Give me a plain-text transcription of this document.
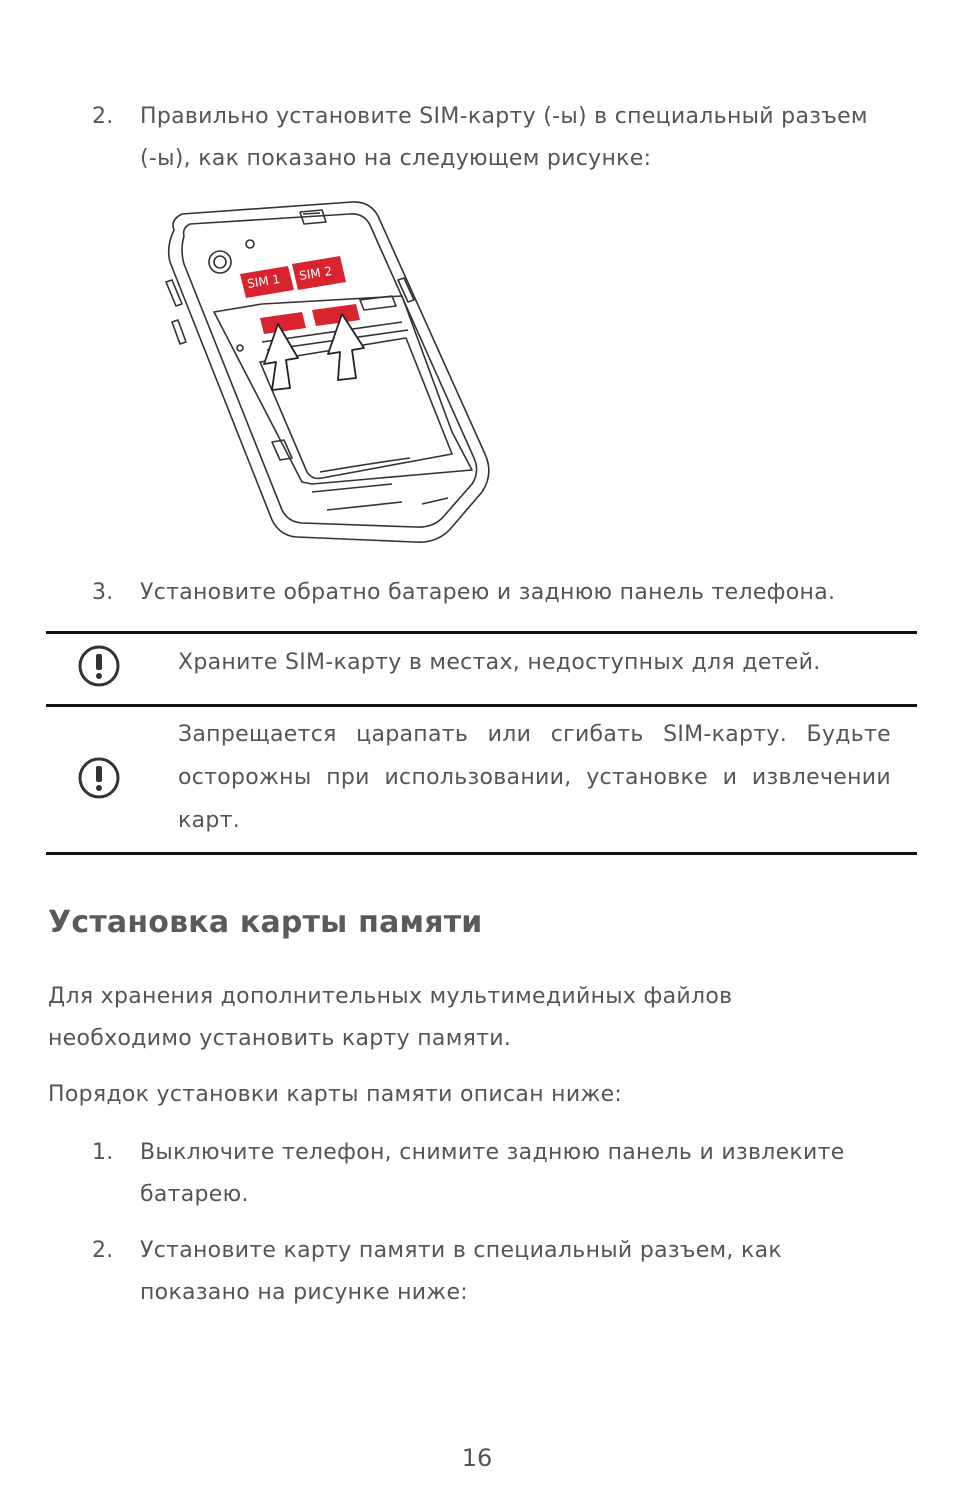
2.	Правильно установите SIM-карту (-ы) в специальный разъем
(-ы), как показано на следующем рисунке:
SIM 1 SIM 2
3.	Установите обратно батарею и заднюю панель телефона.
Храните SIM-карту в местах, недоступных для детей.
Запрещается царапать или сгибать SIM-карту. Будьте
осторожны при использовании, установке и извлечении
карт.
Установка карты памяти
Для хранения дополнительных мультимедийных файлов
необходимо установить карту памяти.
Порядок установки карты памяти описан ниже:
1.	Выключите телефон, снимите заднюю панель и извлеките
батарею.
2.	Установите карту памяти в специальный разъем, как
показано на рисунке ниже:
16
